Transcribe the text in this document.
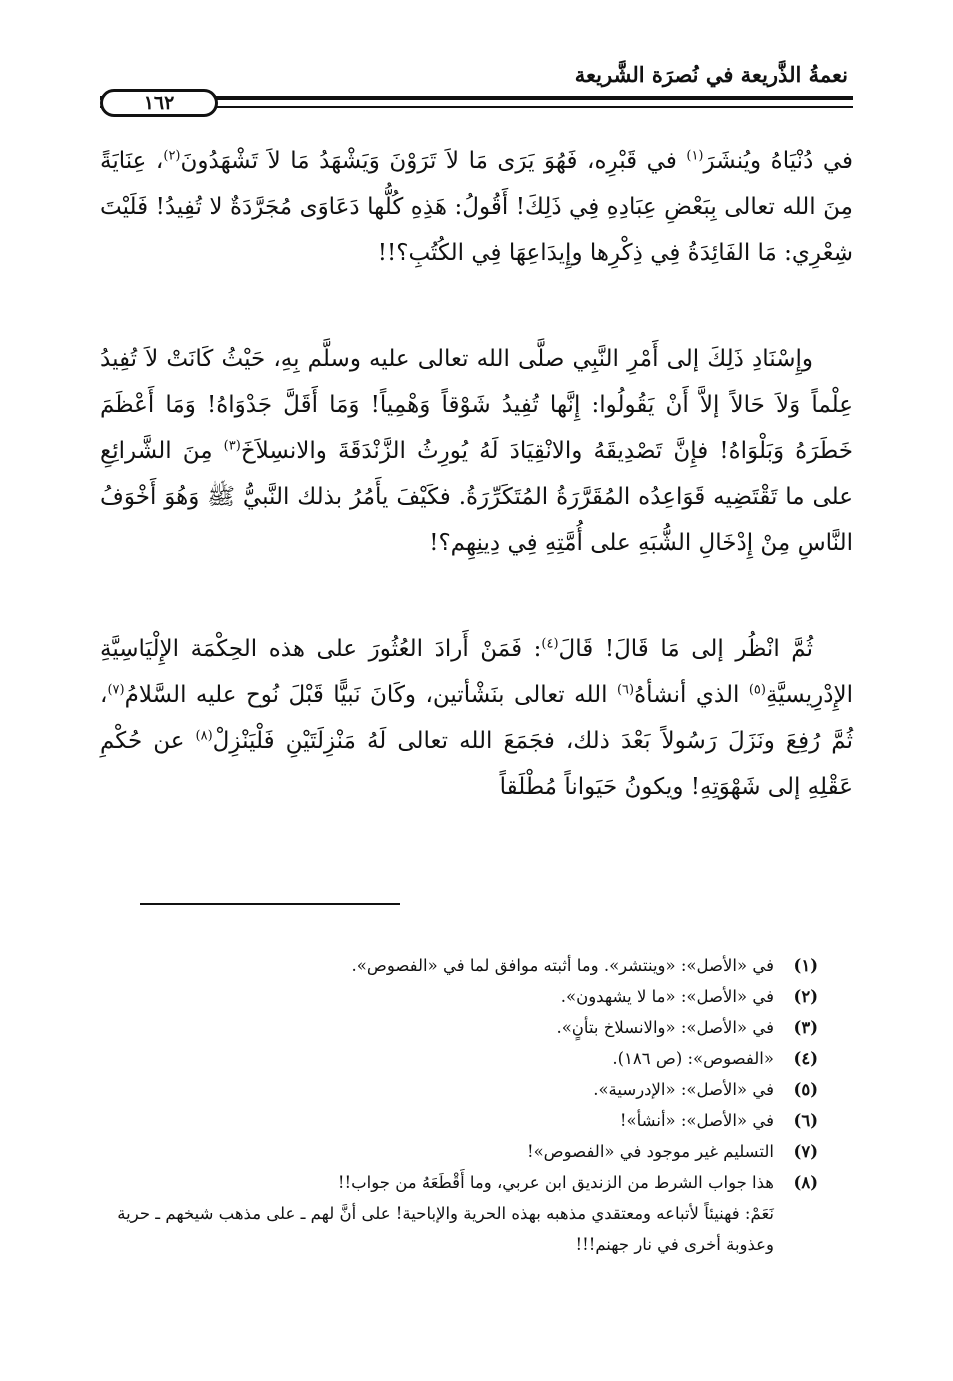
نعمةُ الذَّريعة في نُصرَة الشَّريعة
١٦٢

في دُنْيَاهُ ويُنشَرَ$^{(١)}$ في قَبْرِه، فَهُوَ يَرَى مَا لاَ تَرَوْنَ وَيَشْهَدُ مَا لاَ تَشْهَدُونَ$^{(٢)}$، عِنَايَةً مِنَ الله تعالى بِبَعْضِ عِبَادِهِ فِي ذَلِكَ! أَقُولُ: هَذِهِ كُلُّها دَعَاوَى مُجَرَّدَةٌ لا تُفِيدُ! فَلَيْتَ شِعْرِي: مَا الفَائِدَةُ فِي ذِكْرِها وإِيدَاعِهَا فِي الكُتُبِ؟!!

وإِسْنَادِ ذَلِكَ إلى أَمْرِ النَّبِي صلَّى الله تعالى عليه وسلَّم بِهِ، حَيْثُ كَانَتْ لاَ تُفِيدُ عِلْماً وَلاَ حَالاً إلاَّ أَنْ يَقُولُوا: إِنَّها تُفِيدُ شَوْقاً وَهْمِياً! وَمَا أَقَلَّ جَدْوَاهُ! وَمَا أَعْظَمَ خَطَرَهُ وَبَلْوَاهُ! فإِنَّ تَصْدِيقَهُ والانْقِيَادَ لَهُ يُورِثُ الزَّنْدَقَةَ والانسِلاَخَ$^{(٣)}$ مِنَ الشَّرائِعِ على ما تَقْتَضِيه قَوَاعِدُه المُقَرَّرَةُ المُتَكَرِّرَةُ. فكَيْفَ يأَمُرُ بذلك النَّبيُّ ﷺ وَهُوَ أَخْوَفُ النَّاسِ مِنْ إِدْخَالِ الشُّبَهِ على أُمَّتِهِ فِي دِينِهِم؟!

ثُمَّ انْظُر إلى مَا قَالَ! قَالَ$^{(٤)}$: فَمَنْ أَرادَ العُثُورَ على هذه الحِكْمَة الإِلْيَاسِيَّةِ الإِدْرِيسيَّةِ$^{(٥)}$ الذي أنشأهُ$^{(٦)}$ الله تعالى بنَشْأتين، وكَانَ نَبيًّا قَبْلَ نُوح عليه السَّلامُ$^{(٧)}$، ثُمَّ رُفِعَ ونَزَلَ رَسُولاً بَعْدَ ذلك، فجَمَعَ الله تعالى لَهُ مَنْزِلَتَيْنِ فَلْيَنْزِلْ$^{(٨)}$ عن حُكْمِ عَقْلِهِ إلى شَهْوَتِهِ! ويكونُ حَيَواناً مُطْلَقاً

(١)
في «الأصل»: «وينتشر». وما أثبته موافق لما في «الفصوص».
(٢)
في «الأصل»: «ما لا يشهدون».
(٣)
في «الأصل»: «والانسلاخ بتأنٍ».
(٤)
«الفصوص»: (ص ١٨٦).
(٥)
في «الأصل»: «الإدرسية».
(٦)
في «الأصل»: «أنشأ»!
(٧)
التسليم غير موجود في «الفصوص»!
(٨)
هذا جواب الشرط من الزنديق ابن عربي، وما أَقْطَعَهُ من جواب!!
نَعَمْ: فهنيئاً لأتباعه ومعتقدي مذهبه بهذه الحرية والإباحية! على أنَّ لهم ـ على مذهب شيخهم ـ حرية وعذوبة أخرى في نار جهنم!!!
